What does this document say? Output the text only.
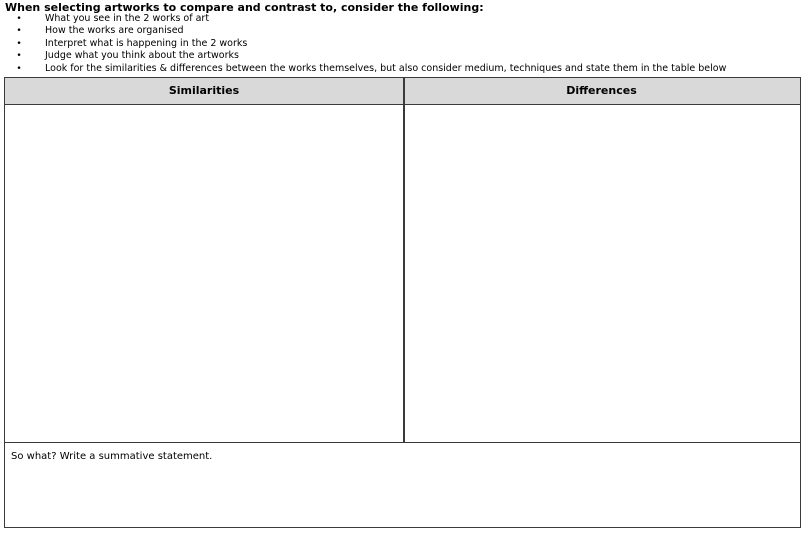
When selecting artworks to compare and contrast to, consider the following:
• What you see in the 2 works of art
• How the works are organised
• Interpret what is happening in the 2 works
• Judge what you think about the artworks
• Look for the similarities & differences between the works themselves, but also consider medium, techniques and state them in the table below
Similarities	Differences
So what? Write a summative statement.
